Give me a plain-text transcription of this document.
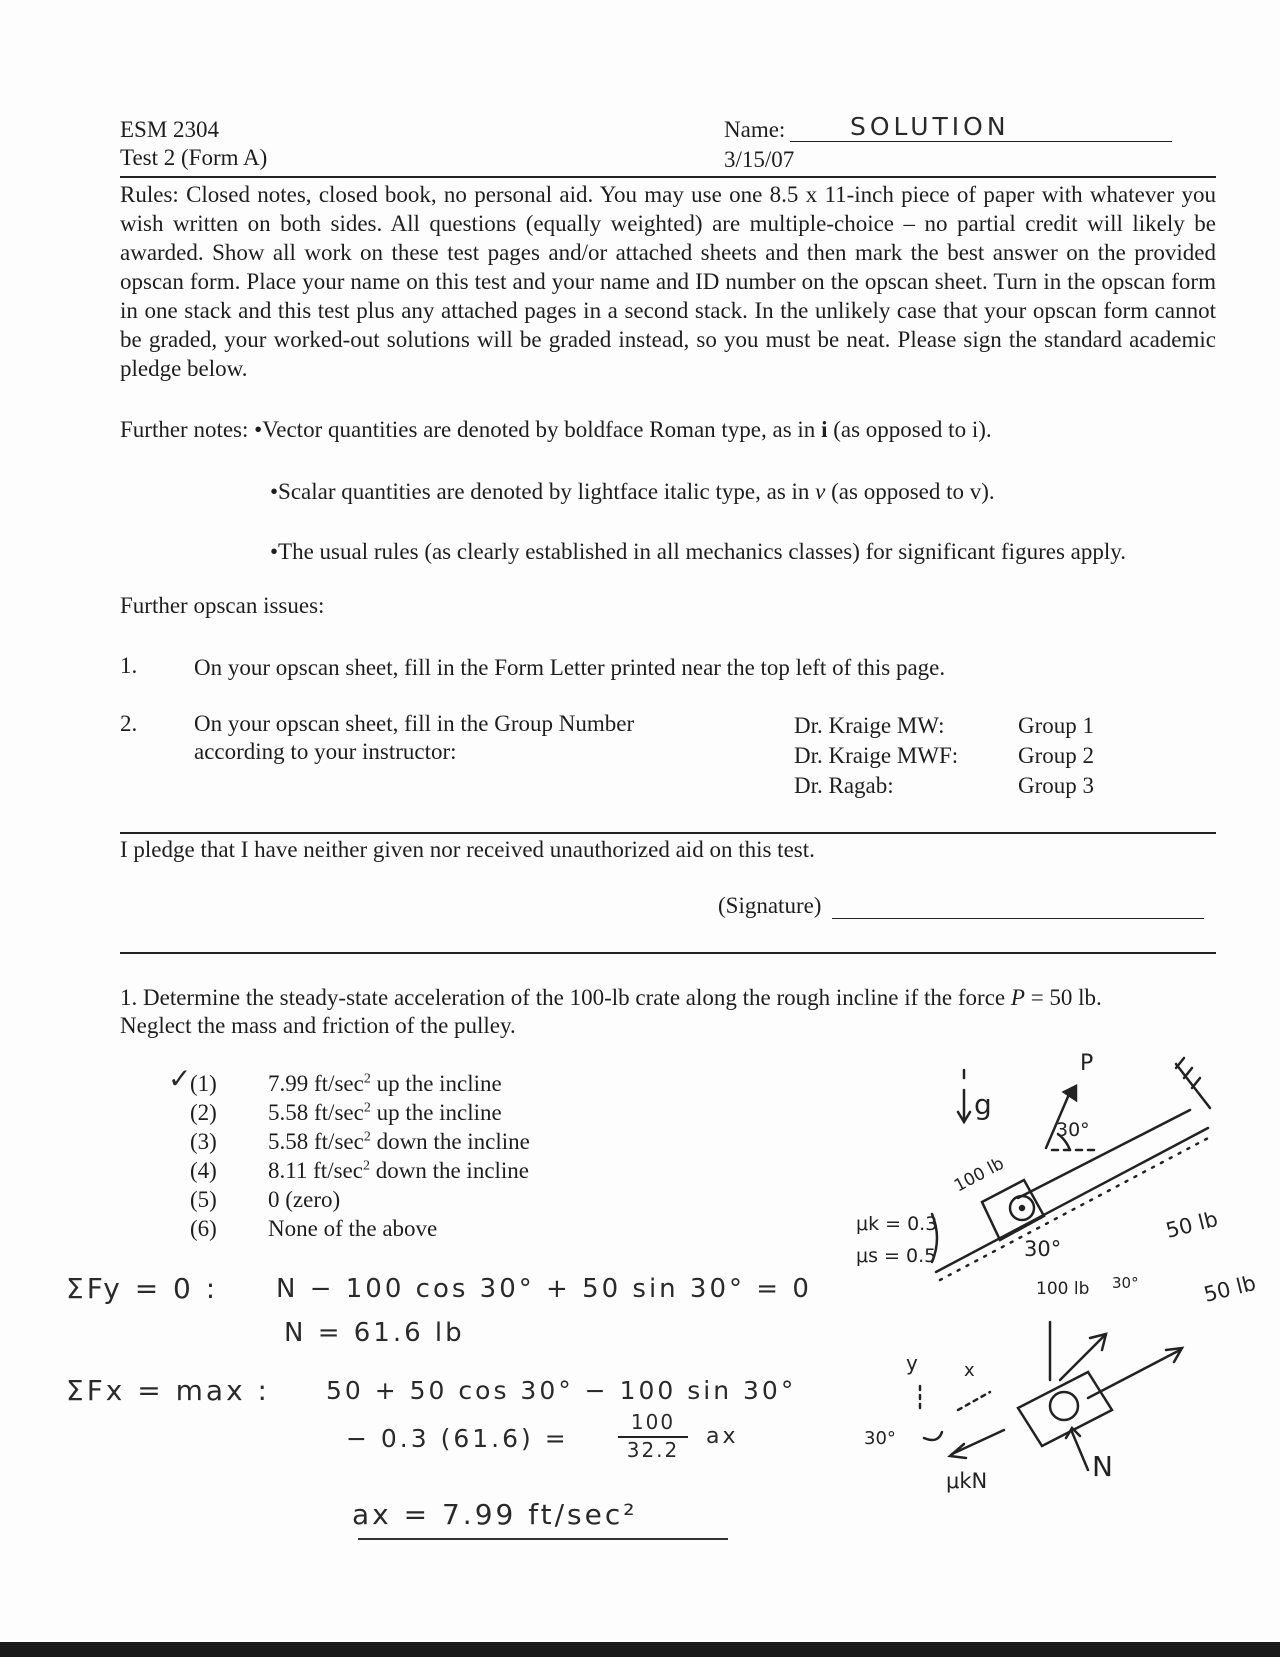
ESM 2304
Test 2 (Form A)
Name:	SOLUTION
3/15/07
Rules: Closed notes, closed book, no personal aid. You may use one 8.5 x 11-inch piece of paper with whatever you wish written on both sides. All questions (equally weighted) are multiple-choice – no partial credit will likely be awarded. Show all work on these test pages and/or attached sheets and then mark the best answer on the provided opscan form. Place your name on this test and your name and ID number on the opscan sheet. Turn in the opscan form in one stack and this test plus any attached pages in a second stack. In the unlikely case that your opscan form cannot be graded, your worked-out solutions will be graded instead, so you must be neat. Please sign the standard academic pledge below.
Further notes: •Vector quantities are denoted by boldface Roman type, as in i (as opposed to i).
•Scalar quantities are denoted by lightface italic type, as in v (as opposed to v).
•The usual rules (as clearly established in all mechanics classes) for significant figures apply.
Further opscan issues:
1. On your opscan sheet, fill in the Form Letter printed near the top left of this page.
2. On your opscan sheet, fill in the Group Number
according to your instructor:
Dr. Kraige MW:	Group 1
Dr. Kraige MWF:	Group 2
Dr. Ragab:	Group 3
I pledge that I have neither given nor received unauthorized aid on this test.
(Signature)
1. Determine the steady-state acceleration of the 100-lb crate along the rough incline if the force P = 50 lb.
Neglect the mass and friction of the pulley.
✓
(1) 7.99 $ft/\sec^2$ up the incline
(2) 5.58 $ft/\sec^2$ up the incline
(3) 5.58 $ft/\sec^2$ down the incline
(4) 8.11 $ft/\sec^2$ down the incline
(5) 0 (zero)
(6) None of the above
ΣFy = 0 : N − 100 cos 30° + 50 sin 30° = 0
N = 61.6 lb
ΣFx = max : 50 + 50 cos 30° − 100 sin 30°
− 0.3 (61.6) =
100
32.2
ax
ax = 7.99 ft/sec²
g
P
30°
100 lb
μk = 0.3
μs = 0.5	30°
100 lb
50 lb
30°	50 lb
y	x
30°
μkN	N
